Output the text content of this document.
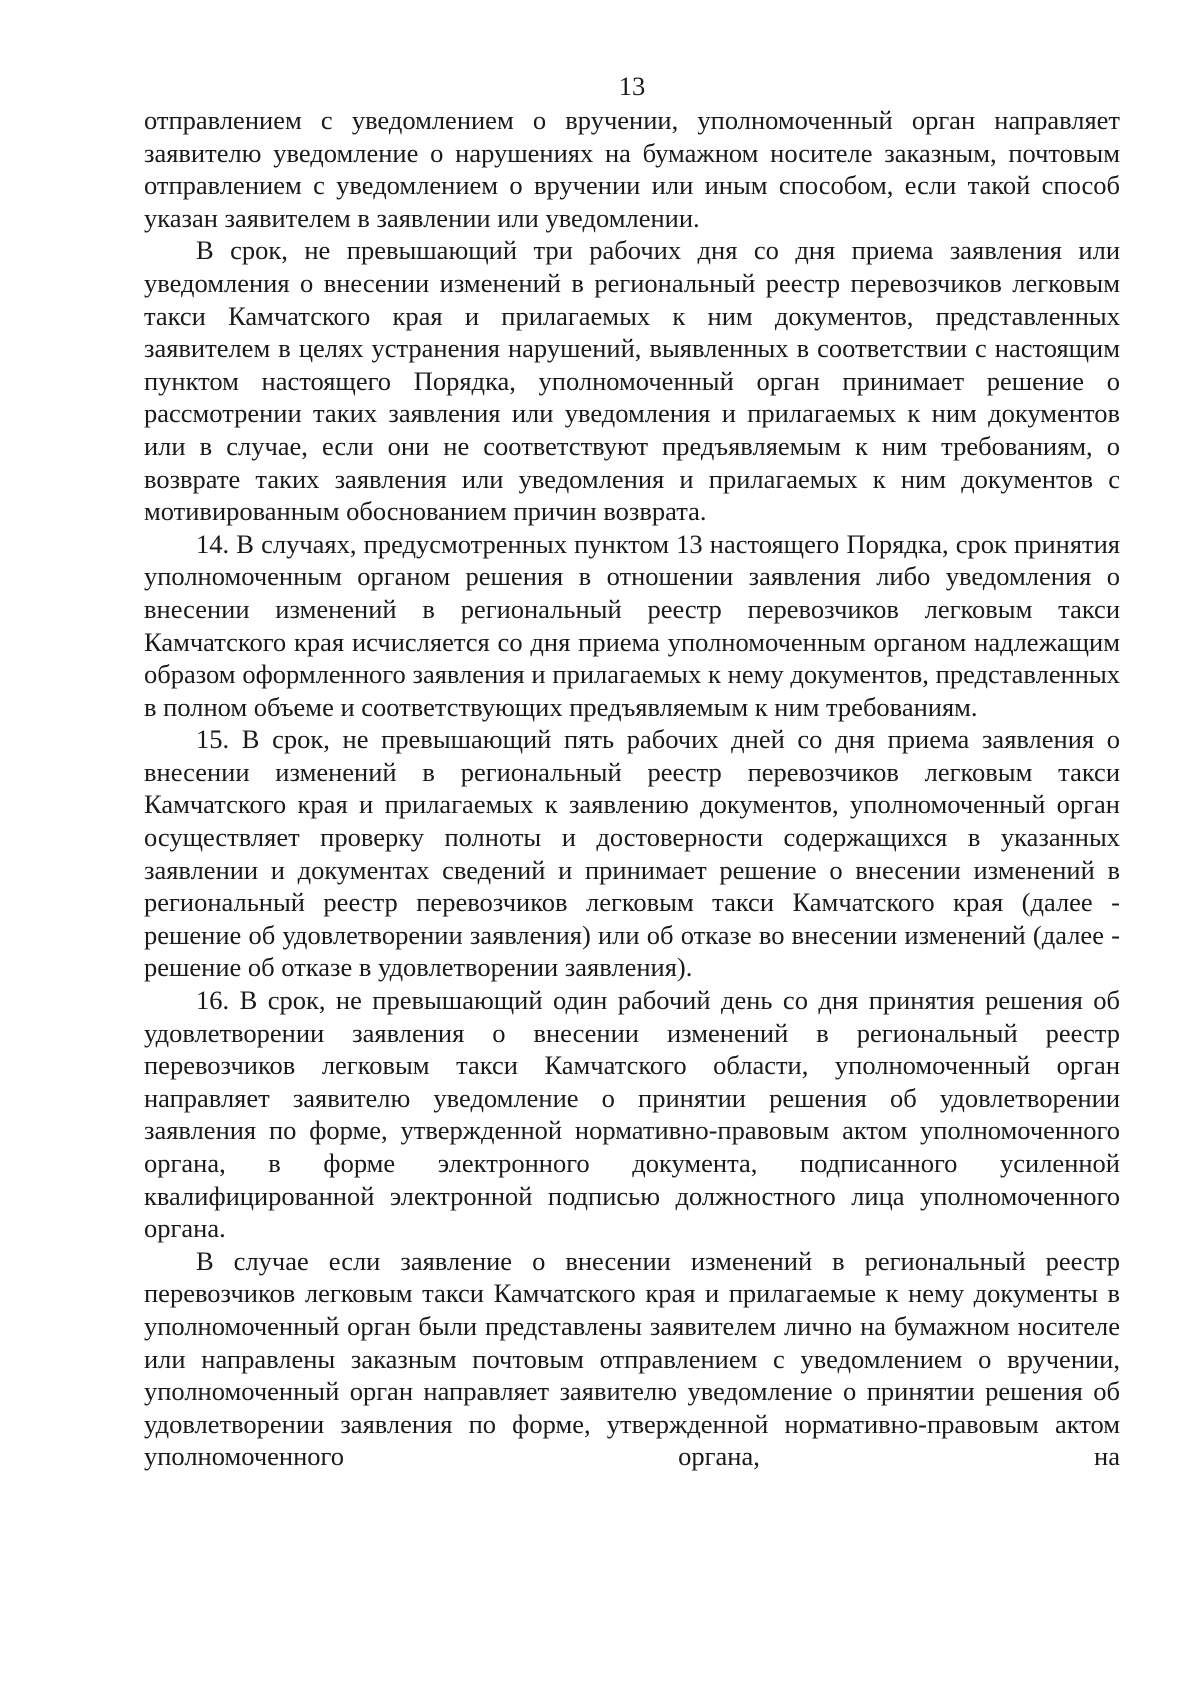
13

отправлением с уведомлением о вручении, уполномоченный орган направляет заявителю уведомление о нарушениях на бумажном носителе заказным, почтовым отправлением с уведомлением о вручении или иным способом, если такой способ указан заявителем в заявлении или уведомлении.

В срок, не превышающий три рабочих дня со дня приема заявления или уведомления о внесении изменений в региональный реестр перевозчиков легковым такси Камчатского края и прилагаемых к ним документов, представленных заявителем в целях устранения нарушений, выявленных в соответствии с настоящим пунктом настоящего Порядка, уполномоченный орган принимает решение о рассмотрении таких заявления или уведомления и прилагаемых к ним документов или в случае, если они не соответствуют предъявляемым к ним требованиям, о возврате таких заявления или уведомления и прилагаемых к ним документов с мотивированным обоснованием причин возврата.

14. В случаях, предусмотренных пунктом 13 настоящего Порядка, срок принятия уполномоченным органом решения в отношении заявления либо уведомления о внесении изменений в региональный реестр перевозчиков легковым такси Камчатского края исчисляется со дня приема уполномоченным органом надлежащим образом оформленного заявления и прилагаемых к нему документов, представленных в полном объеме и соответствующих предъявляемым к ним требованиям.

15. В срок, не превышающий пять рабочих дней со дня приема заявления о внесении изменений в региональный реестр перевозчиков легковым такси Камчатского края и прилагаемых к заявлению документов, уполномоченный орган осуществляет проверку полноты и достоверности содержащихся в указанных заявлении и документах сведений и принимает решение о внесении изменений в региональный реестр перевозчиков легковым такси Камчатского края (далее - решение об удовлетворении заявления) или об отказе во внесении изменений (далее - решение об отказе в удовлетворении заявления).

16. В срок, не превышающий один рабочий день со дня принятия решения об удовлетворении заявления о внесении изменений в региональный реестр перевозчиков легковым такси Камчатского области, уполномоченный орган направляет заявителю уведомление о принятии решения об удовлетворении заявления по форме, утвержденной нормативно-правовым актом уполномоченного органа, в форме электронного документа, подписанного усиленной квалифицированной электронной подписью должностного лица уполномоченного органа.

В случае если заявление о внесении изменений в региональный реестр перевозчиков легковым такси Камчатского края и прилагаемые к нему документы в уполномоченный орган были представлены заявителем лично на бумажном носителе или направлены заказным почтовым отправлением с уведомлением о вручении, уполномоченный орган направляет заявителю уведомление о принятии решения об удовлетворении заявления по форме, утвержденной нормативно-правовым актом уполномоченного органа, на
